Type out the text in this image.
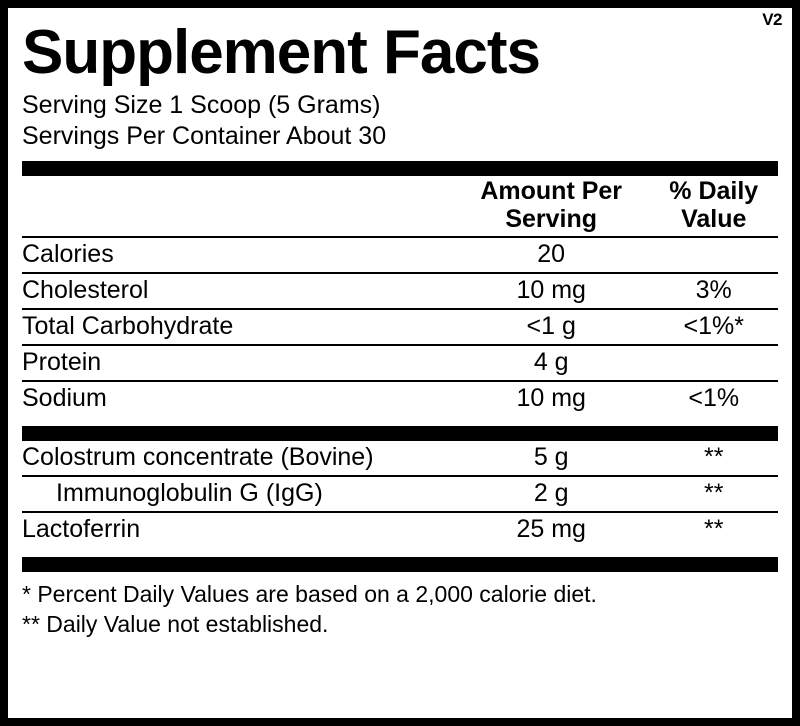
V2
Supplement Facts
Serving Size 1 Scoop (5 Grams)
Servings Per Container About 30

Amount Per
Serving

% Daily
Value

Calories	20	

Cholesterol	10 mg	3%

Total Carbohydrate	<1 g	<1%*

Protein	4 g	

Sodium	10 mg	<1%
Colostrum concentrate (Bovine)	5 g	**

Immunoglobulin G (IgG)	2 g	**

Lactoferrin	25 mg	**
* Percent Daily Values are based on a 2,000 calorie diet.
** Daily Value not established.
